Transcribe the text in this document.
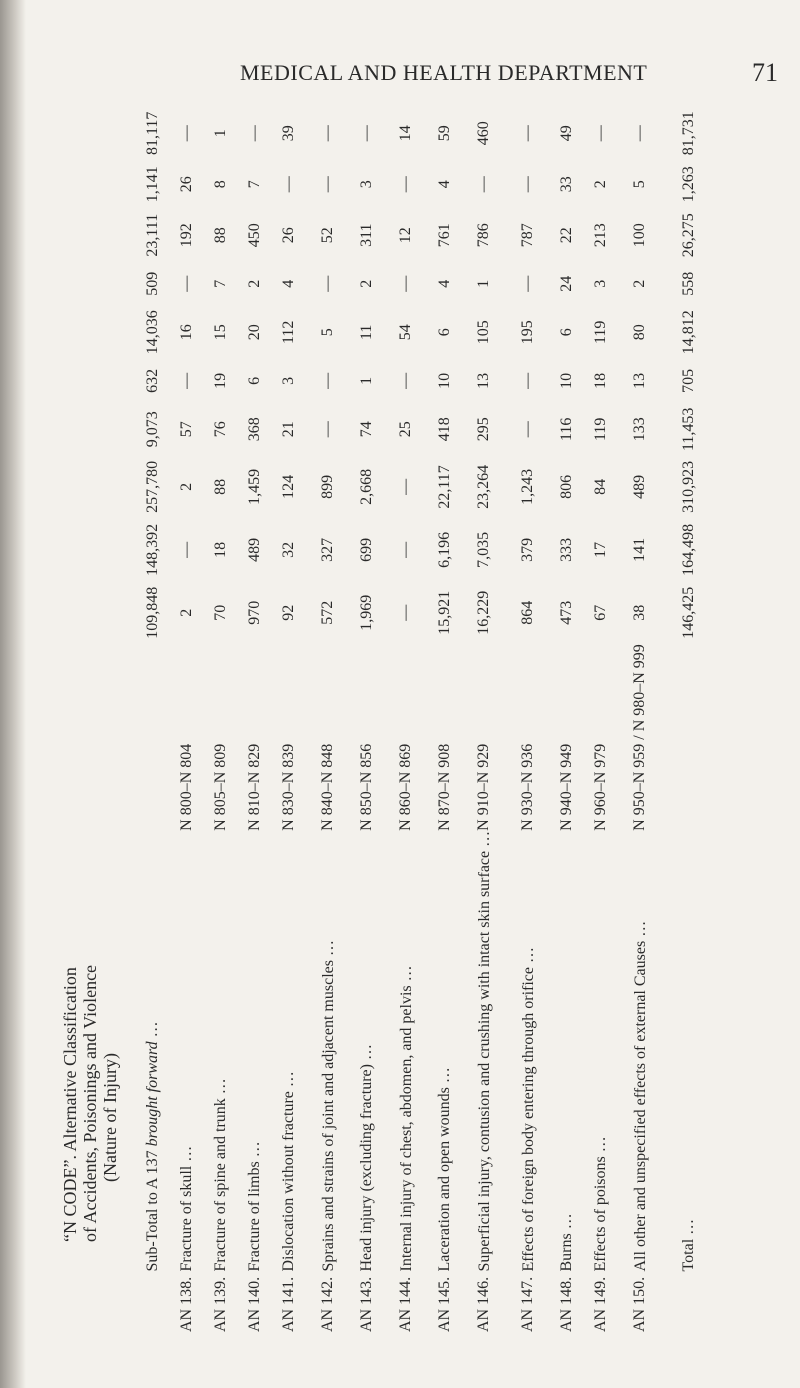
MEDICAL AND HEALTH DEPARTMENT	71
“N CODE”. Alternative Classification of Accidents, Poisonings and Violence (Nature of Injury)
	Sub-Total to A 137 brought forward …		109,848	148,392	257,780	9,073	632	14,036	509	23,111	1,141	81,117
AN 138.	Fracture of skull …	N 800–N 804	2	—	2	57	—	16	—	192	26	—
AN 139.	Fracture of spine and trunk …	N 805–N 809	70	18	88	76	19	15	7	88	8	1
AN 140.	Fracture of limbs …	N 810–N 829	970	489	1,459	368	6	20	2	450	7	—
AN 141.	Dislocation without fracture …	N 830–N 839	92	32	124	21	3	112	4	26	—	39
AN 142.	Sprains and strains of joint and adjacent muscles …	N 840–N 848	572	327	899	—	—	5	—	52	—	—
AN 143.	Head injury (excluding fracture) …	N 850–N 856	1,969	699	2,668	74	1	11	2	311	3	—
AN 144.	Internal injury of chest, abdomen, and pelvis …	N 860–N 869	—	—	—	25	—	54	—	12	—	14
AN 145.	Laceration and open wounds …	N 870–N 908	15,921	6,196	22,117	418	10	6	4	761	4	59
AN 146.	Superficial injury, contusion and crushing with intact skin surface …	N 910–N 929	16,229	7,035	23,264	295	13	105	1	786	—	460
AN 147.	Effects of foreign body entering through orifice …	N 930–N 936	864	379	1,243	—	—	195	—	787	—	—
AN 148.	Burns …	N 940–N 949	473	333	806	116	10	6	24	22	33	49
AN 149.	Effects of poisons …	N 960–N 979	67	17	84	119	18	119	3	213	2	—
AN 150.	All other and unspecified effects of external Causes …	N 950–N 959 / N 980–N 999	38	141	489	133	13	80	2	100	5	—
	Total …		146,425	164,498	310,923	11,453	705	14,812	558	26,275	1,263	81,731
